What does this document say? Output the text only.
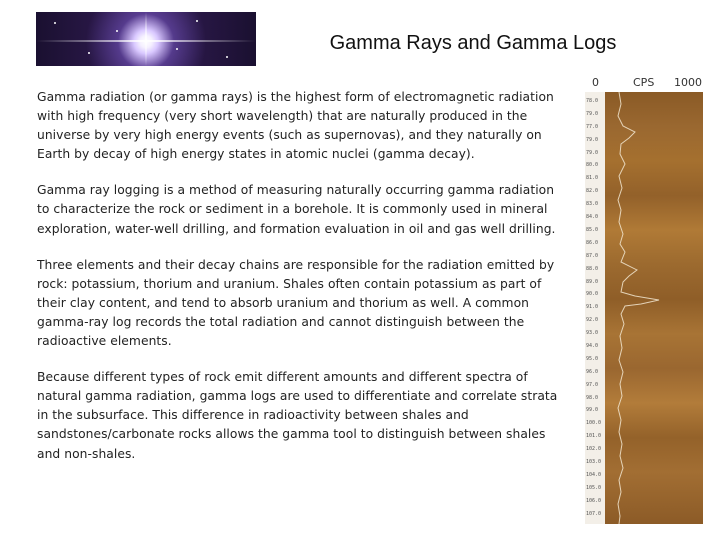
Gamma Rays and Gamma Logs

Gamma radiation (or gamma rays) is the highest form of electromagnetic radiation with high frequency (very short wavelength) that are naturally produced in the universe by very high energy events (such as supernovas), and they naturally on Earth by decay of high energy states in atomic nuclei (gamma decay).

Gamma ray logging is a method of measuring naturally occurring gamma radiation to characterize the rock or sediment in a borehole. It is commonly used in mineral exploration, water-well drilling, and formation evaluation in oil and gas well drilling.

Three elements and their decay chains are responsible for the radiation emitted by rock: potassium, thorium and uranium. Shales often contain potassium as part of their clay content, and tend to absorb uranium and thorium as well. A common gamma-ray log records the total radiation and cannot distinguish between the radioactive elements.

Because different types of rock emit different amounts and different spectra of natural gamma radiation, gamma logs are used to differentiate and correlate strata in the subsurface. This difference in radioactivity between shales and sandstones/carbonate rocks allows the gamma tool to distinguish between shales and non-shales.

0	CPS 1000
78.0
79.0
77.0
79.0
79.0
80.0
81.0
82.0
83.0
84.0
85.0
86.0
87.0
88.0
89.0
90.0
91.0
92.0
93.0
94.0
95.0
96.0
97.0
98.0
99.0
100.0
101.0
102.0
103.0
104.0
105.0
106.0
107.0
